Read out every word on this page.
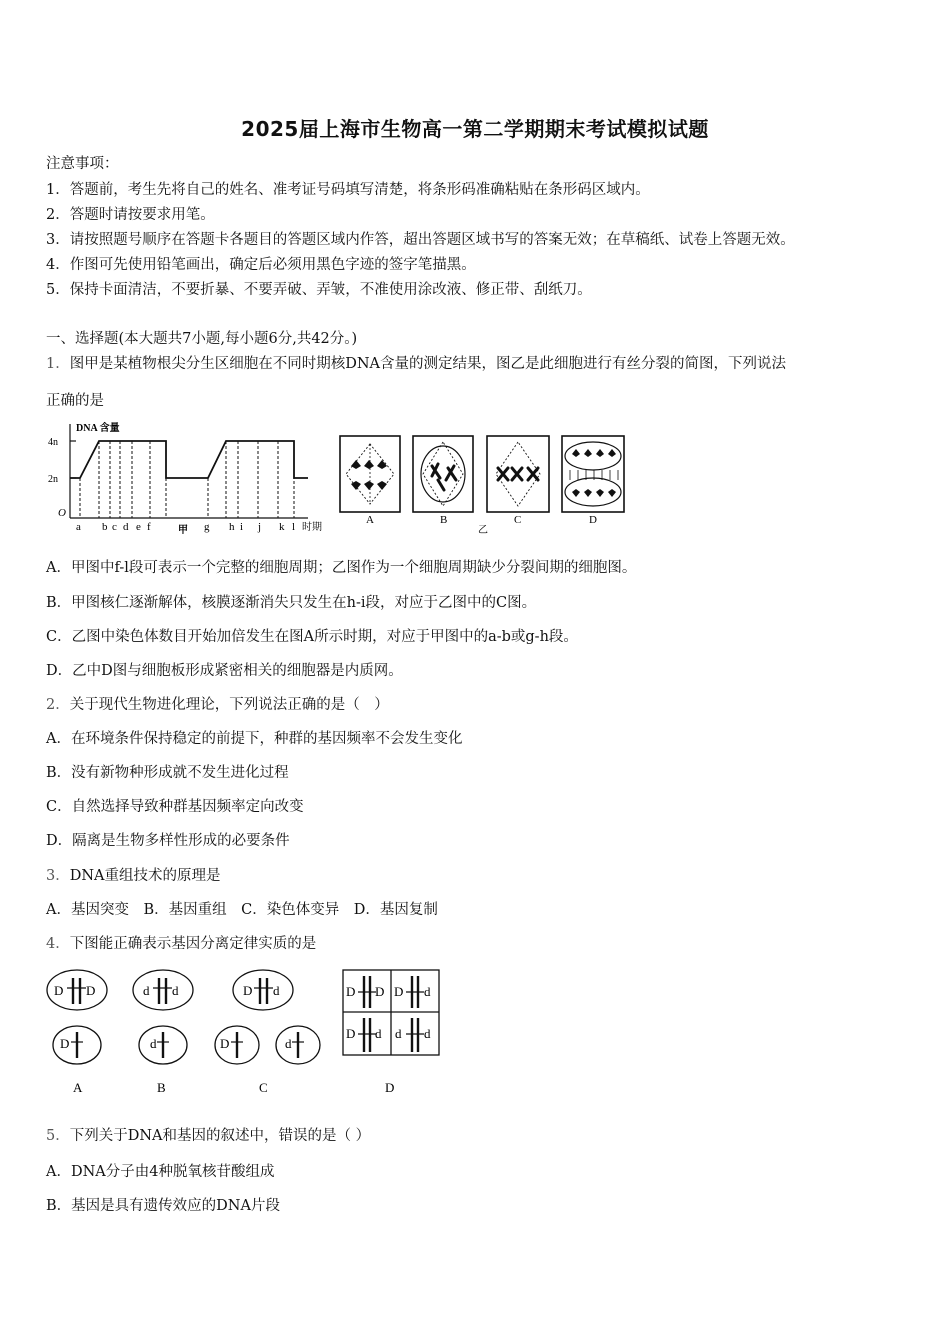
2025届上海市生物高一第二学期期末考试模拟试题
注意事项：
1．答题前，考生先将自己的姓名、准考证号码填写清楚，将条形码准确粘贴在条形码区域内。
2．答题时请按要求用笔。
3．请按照题号顺序在答题卡各题目的答题区域内作答，超出答题区域书写的答案无效；在草稿纸、试卷上答题无效。
4．作图可先使用铅笔画出，确定后必须用黑色字迹的签字笔描黑。
5．保持卡面清洁，不要折暴、不要弄破、弄皱，不准使用涂改液、修正带、刮纸刀。
一、选择题(本大题共7小题,每小题6分,共42分。)
1．图甲是某植物根尖分生区细胞在不同时期核DNA含量的测定结果，图乙是此细胞进行有丝分裂的简图，下列说法
正确的是
DNA 含量
4n
2n
O
a b c d e f	g h i j k l 时期
甲
A	B	C	D
乙
A．甲图中f-l段可表示一个完整的细胞周期；乙图作为一个细胞周期缺少分裂间期的细胞图。
B．甲图核仁逐渐解体，核膜逐渐消失只发生在h-i段，对应于乙图中的C图。
C．乙图中染色体数目开始加倍发生在图A所示时期，对应于甲图中的a-b或g-h段。
D．乙中D图与细胞板形成紧密相关的细胞器是内质网。
2．关于现代生物进化理论，下列说法正确的是（　）
A．在环境条件保持稳定的前提下，种群的基因频率不会发生变化
B．没有新物种形成就不发生进化过程
C．自然选择导致种群基因频率定向改变
D．隔离是生物多样性形成的必要条件
3．DNA重组技术的原理是
A．基因突变　B．基因重组　C．染色体变异　D．基因复制
4．下图能正确表示基因分离定律实质的是
D D
D
d d
d
D d
D	d
D D D d
D d d d
A	B	C	D
5．下列关于DNA和基因的叙述中，错误的是（ ）
A．DNA分子由4种脱氧核苷酸组成
B．基因是具有遗传效应的DNA片段
